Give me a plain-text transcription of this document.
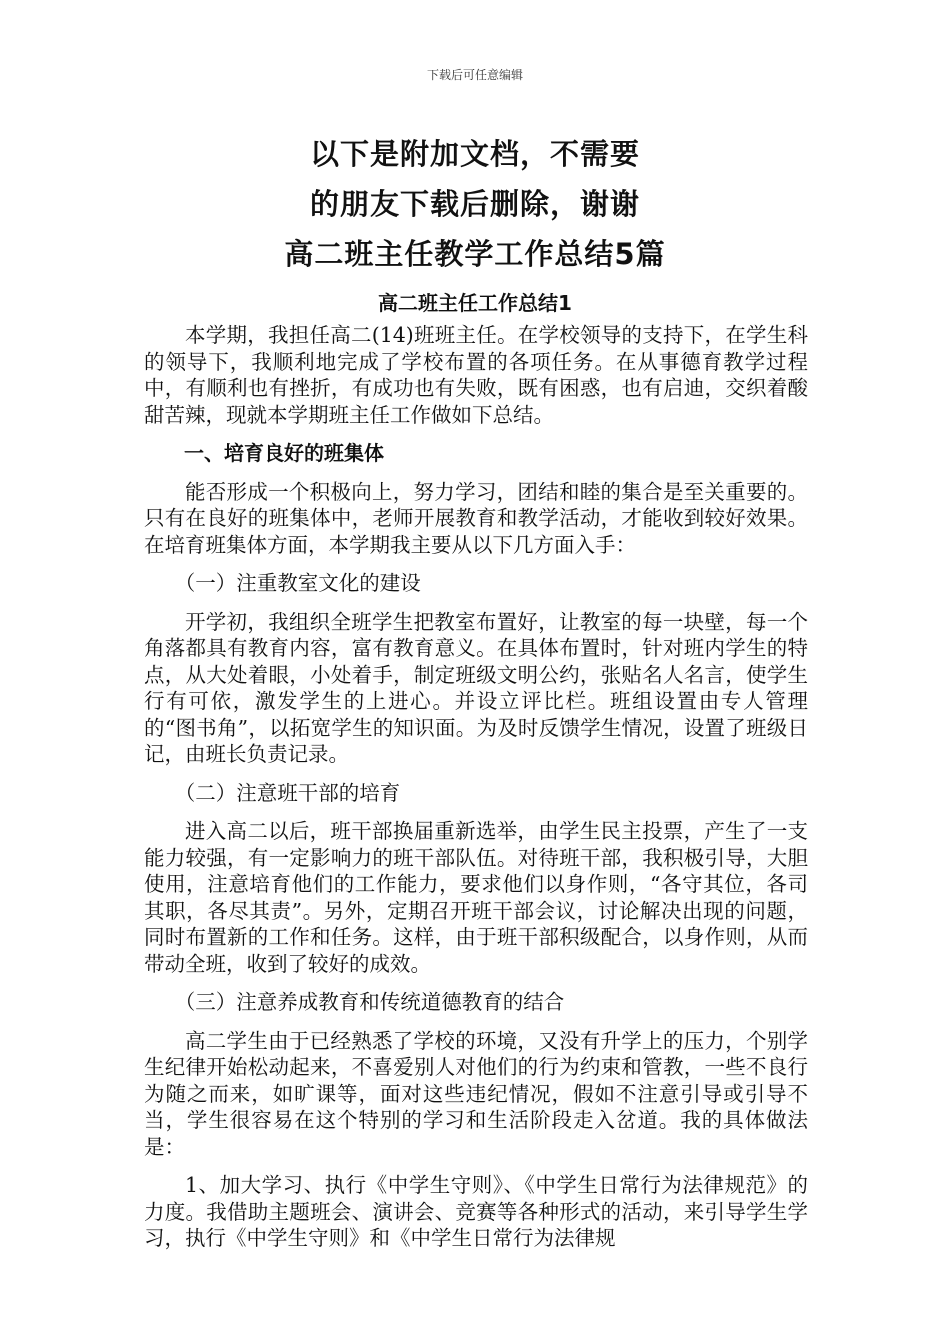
下载后可任意编辑
以下是附加文档，不需要
的朋友下载后删除，谢谢
高二班主任教学工作总结5篇
高二班主任工作总结1

本学期，我担任高二(14)班班主任。在学校领导的支持下，在学生科的领导下，我顺利地完成了学校布置的各项任务。在从事德育教学过程中，有顺利也有挫折，有成功也有失败，既有困惑，也有启迪，交织着酸甜苦辣，现就本学期班主任工作做如下总结。

一、培育良好的班集体

能否形成一个积极向上，努力学习，团结和睦的集合是至关重要的。只有在良好的班集体中，老师开展教育和教学活动，才能收到较好效果。在培育班集体方面，本学期我主要从以下几方面入手：

（一）注重教室文化的建设

开学初，我组织全班学生把教室布置好，让教室的每一块壁，每一个角落都具有教育内容，富有教育意义。在具体布置时，针对班内学生的特点，从大处着眼，小处着手，制定班级文明公约，张贴名人名言，使学生行有可依，激发学生的上进心。并设立评比栏。班组设置由专人管理的“图书角”，以拓宽学生的知识面。为及时反馈学生情况，设置了班级日记，由班长负责记录。

（二）注意班干部的培育

进入高二以后，班干部换届重新选举，由学生民主投票，产生了一支能力较强，有一定影响力的班干部队伍。对待班干部，我积极引导，大胆使用，注意培育他们的工作能力，要求他们以身作则，“各守其位，各司其职，各尽其责”。另外，定期召开班干部会议，讨论解决出现的问题，同时布置新的工作和任务。这样，由于班干部积级配合，以身作则，从而带动全班，收到了较好的成效。

（三）注意养成教育和传统道德教育的结合

高二学生由于已经熟悉了学校的环境，又没有升学上的压力，个别学生纪律开始松动起来，不喜爱别人对他们的行为约束和管教，一些不良行为随之而来，如旷课等，面对这些违纪情况，假如不注意引导或引导不当，学生很容易在这个特别的学习和生活阶段走入岔道。我的具体做法是：

1、加大学习、执行《中学生守则》、《中学生日常行为法律规范》的力度。我借助主题班会、演讲会、竞赛等各种形式的活动，来引导学生学习，执行《中学生守则》和《中学生日常行为法律规
